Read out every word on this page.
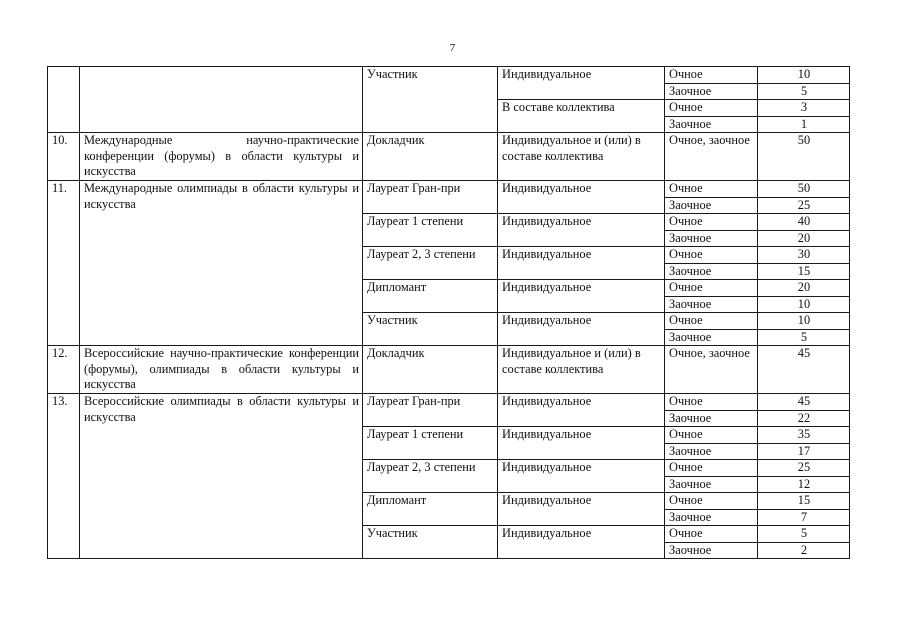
7
		Участник	Индивидуальное	Очное	10
				Заочное	5
			В составе коллектива	Очное	3
				Заочное	1
10.	Международные научно-практические конференции (форумы) в области культуры и искусства	Докладчик	Индивидуальное и (или) в составе коллектива	Очное, заочное	50
11.	Международные олимпиады в области культуры и искусства	Лауреат Гран-при	Индивидуальное	Очное	50
				Заочное	25
		Лауреат 1 степени	Индивидуальное	Очное	40
				Заочное	20
		Лауреат 2, 3 степени	Индивидуальное	Очное	30
				Заочное	15
		Дипломант	Индивидуальное	Очное	20
				Заочное	10
		Участник	Индивидуальное	Очное	10
				Заочное	5
12.	Всероссийские научно-практические конференции (форумы), олимпиады в области культуры и искусства	Докладчик	Индивидуальное и (или) в составе коллектива	Очное, заочное	45
13.	Всероссийские олимпиады в области культуры и искусства	Лауреат Гран-при	Индивидуальное	Очное	45
				Заочное	22
		Лауреат 1 степени	Индивидуальное	Очное	35
				Заочное	17
		Лауреат 2, 3 степени	Индивидуальное	Очное	25
				Заочное	12
		Дипломант	Индивидуальное	Очное	15
				Заочное	7
		Участник	Индивидуальное	Очное	5
				Заочное	2
